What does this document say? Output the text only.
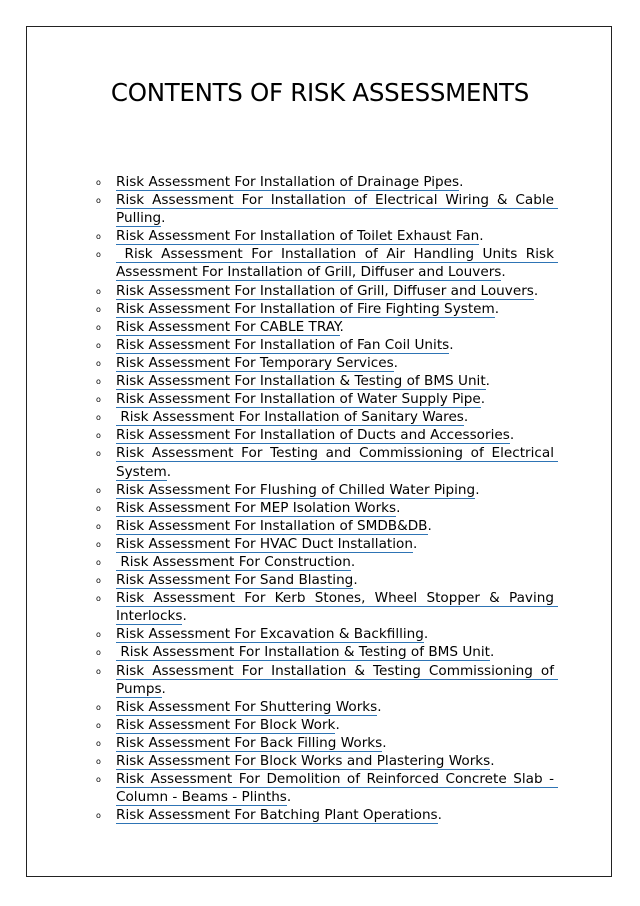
CONTENTS OF RISK ASSESSMENTS
o Risk Assessment For Installation of Drainage Pipes.
o Risk Assessment For Installation of Electrical Wiring & Cable Pulling.
o Risk Assessment For Installation of Toilet Exhaust Fan.
o Risk Assessment For Installation of Air Handling Units Risk Assessment For Installation of Grill, Diffuser and Louvers.
o Risk Assessment For Installation of Grill, Diffuser and Louvers.
o Risk Assessment For Installation of Fire Fighting System.
o Risk Assessment For CABLE TRAY.
o Risk Assessment For Installation of Fan Coil Units.
o Risk Assessment For Temporary Services.
o Risk Assessment For Installation & Testing of BMS Unit.
o Risk Assessment For Installation of Water Supply Pipe.
o Risk Assessment For Installation of Sanitary Wares.
o Risk Assessment For Installation of Ducts and Accessories.
o Risk Assessment For Testing and Commissioning of Electrical System.
o Risk Assessment For Flushing of Chilled Water Piping.
o Risk Assessment For MEP Isolation Works.
o Risk Assessment For Installation of SMDB&DB.
o Risk Assessment For HVAC Duct Installation.
o Risk Assessment For Construction.
o Risk Assessment For Sand Blasting.
o Risk Assessment For Kerb Stones, Wheel Stopper & Paving Interlocks.
o Risk Assessment For Excavation & Backfilling.
o Risk Assessment For Installation & Testing of BMS Unit.
o Risk Assessment For Installation & Testing Commissioning of Pumps.
o Risk Assessment For Shuttering Works.
o Risk Assessment For Block Work.
o Risk Assessment For Back Filling Works.
o Risk Assessment For Block Works and Plastering Works.
o Risk Assessment For Demolition of Reinforced Concrete Slab - Column - Beams - Plinths.
o Risk Assessment For Batching Plant Operations.
